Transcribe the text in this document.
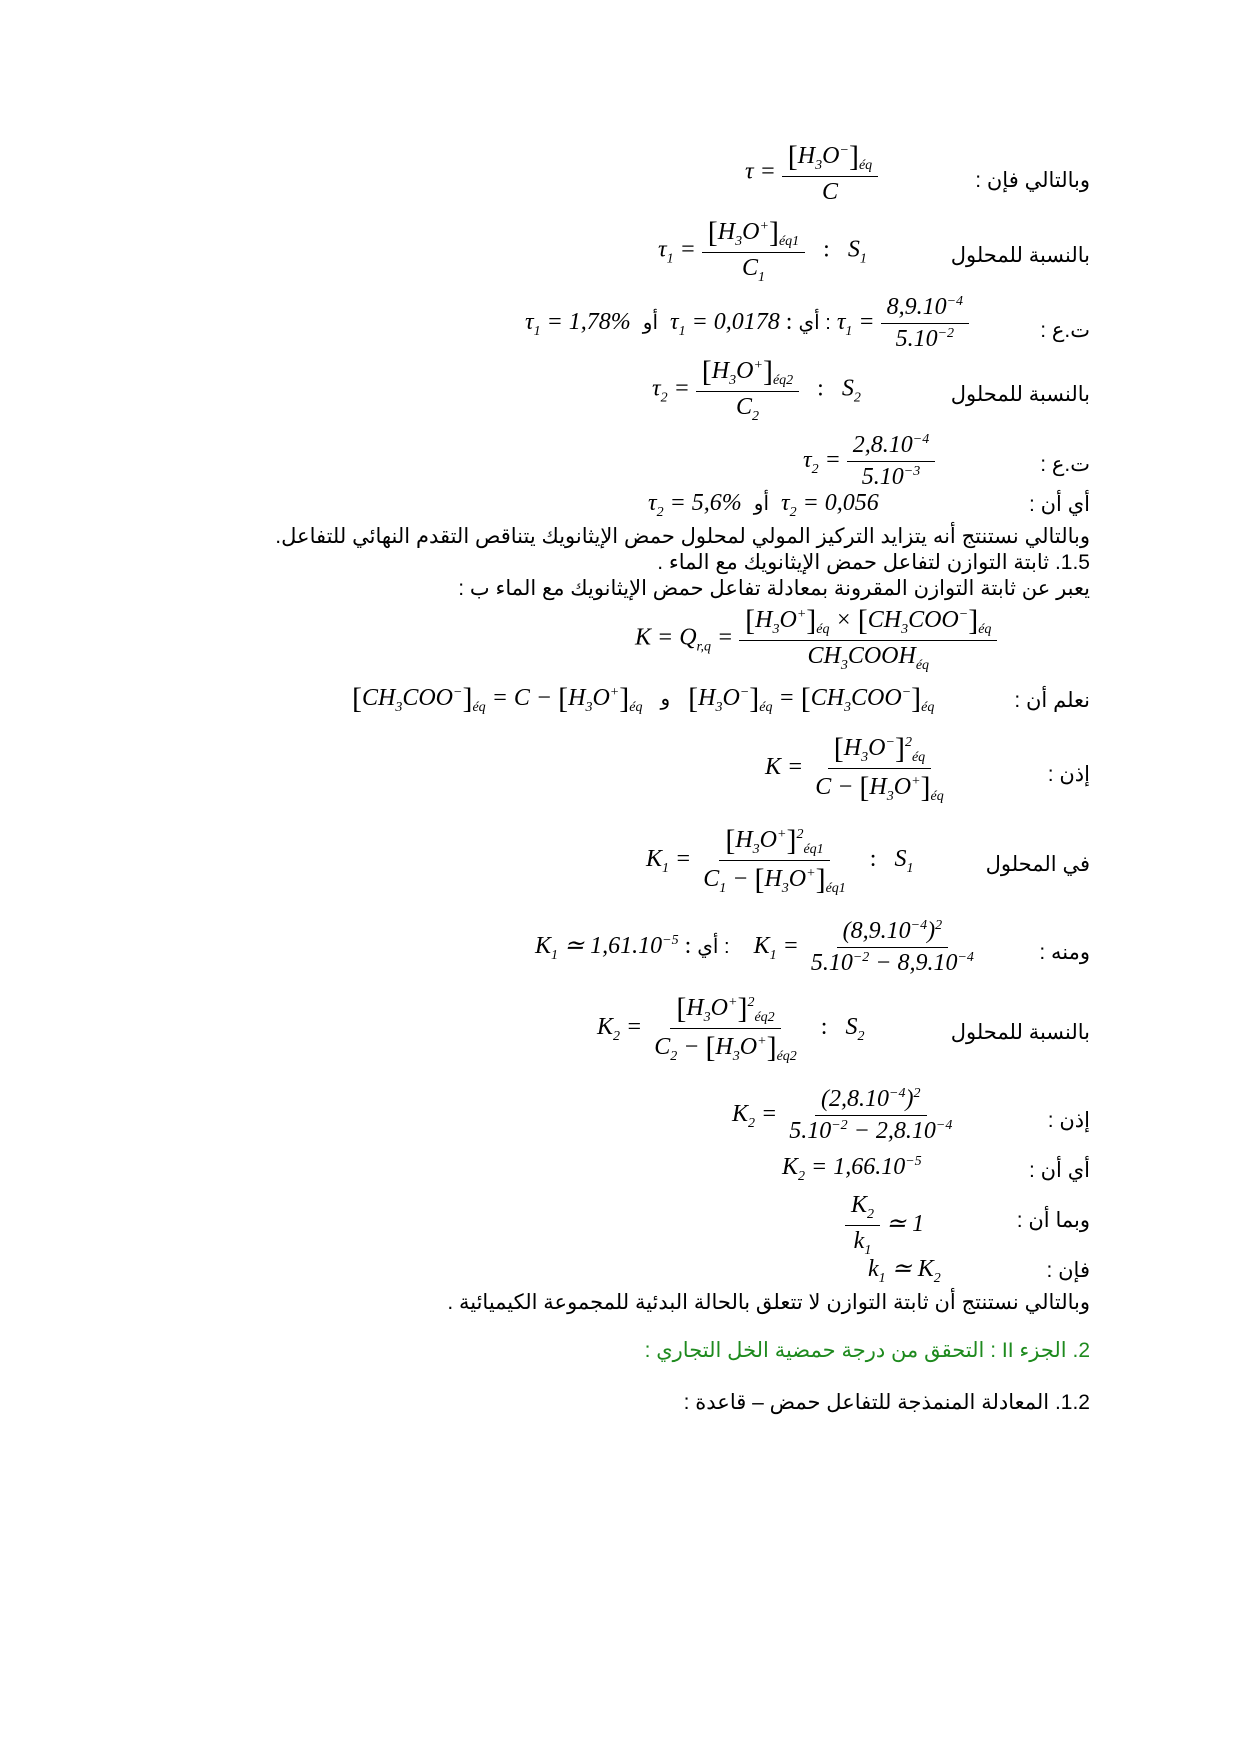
وبالتالي فإن :
$\tau = \frac{[H_3O^-]_{éq}}{C}$
بالنسبة للمحلول
$\tau_1 = \frac{[H_3O^+]_{éq1}}{C_1}$ :   $S_1$
ت.ع :
$\tau_1 = 1,78\%$  أو  $\tau_1 = 0,0178$ : أي : $\tau_1 = \frac{8,9.10^{-4}}{5.10^{-2}}$
بالنسبة للمحلول
$\tau_2 = \frac{[H_3O^+]_{éq2}}{C_2}$ :   $S_2$
ت.ع :
$\tau_2 = \frac{2,8.10^{-4}}{5.10^{-3}}$
أي أن :
$\tau_2 = 5,6\%$  أو  $\tau_2 = 0,056$
وبالتالي نستنتج أنه يتزايد التركيز المولي لمحلول حمض الإيثانويك يتناقص التقدم النهائي للتفاعل.
1.5. ثابتة التوازن لتفاعل حمض الإيثانويك مع الماء .
يعبر عن ثابتة التوازن المقرونة بمعادلة تفاعل حمض الإيثانويك مع الماء ب :
$K = Q_{r,q} = \frac{[H_3O^+]_{éq} \times [CH_3COO^-]_{éq}}{CH_3COOH_{éq}}$
نعلم أن :
$[CH_3COO^-]_{éq} = C - [H_3O^+]_{éq}$ و $[H_3O^-]_{éq} = [CH_3COO^-]_{éq}$
إذن :
$K = \frac{[H_3O^-]^2_{éq}}{C - [H_3O^+]_{éq}}$
في المحلول
$K_1 = \frac{[H_3O^+]^2_{éq1}}{C_1 - [H_3O^+]_{éq1}}$ :   $S_1$
ومنه :
$K_1$ ≃ $1,61.10^{-5}$ : أي :    $K_1 = \frac{(8,9.10^{-4})^2}{5.10^{-2} - 8,9.10^{-4}}$
بالنسبة للمحلول
$K_2 = \frac{[H_3O^+]^2_{éq2}}{C_2 - [H_3O^+]_{éq2}}$ :   $S_2$
إذن :
$K_2 = \frac{(2,8.10^{-4})^2}{5.10^{-2} - 2,8.10^{-4}}$
أي أن :
$K_2 = 1,66.10^{-5}$
وبما أن :
$\frac{K_2}{k_1}$ ≃ 1
فإن :
$k_1$ ≃ $K_2$
وبالتالي نستنتج أن ثابتة التوازن لا تتعلق بالحالة البدئية للمجموعة الكيميائية .
2. الجزء II : التحقق من درجة حمضية الخل التجاري :
1.2. المعادلة المنمذجة للتفاعل حمض – قاعدة :
